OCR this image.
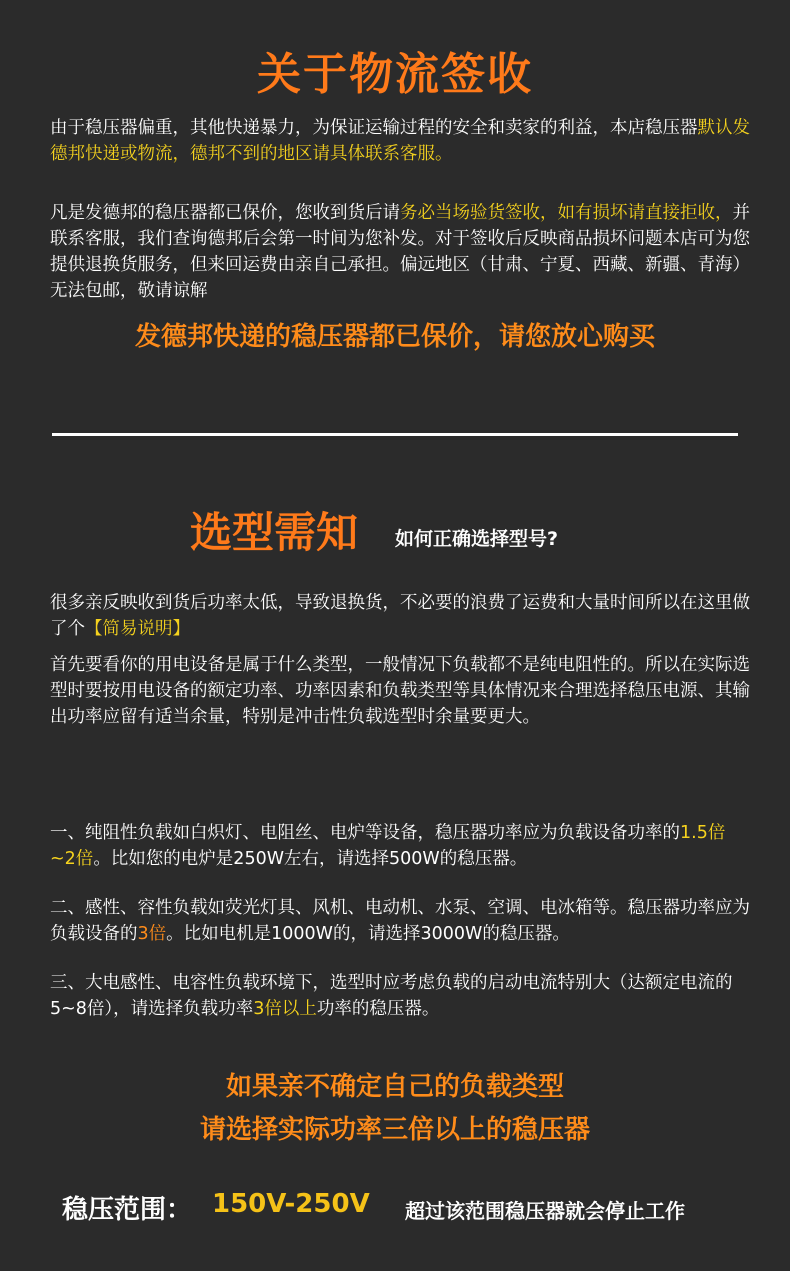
关于物流签收
由于稳压器偏重，其他快递暴力，为保证运输过程的安全和卖家的利益，本店稳压器默认发德邦快递或物流，德邦不到的地区请具体联系客服。
凡是发德邦的稳压器都已保价，您收到货后请务必当场验货签收，如有损坏请直接拒收，并联系客服，我们查询德邦后会第一时间为您补发。对于签收后反映商品损坏问题本店可为您提供退换货服务，但来回运费由亲自己承担。偏远地区（甘肃、宁夏、西藏、新疆、青海）无法包邮，敬请谅解
发德邦快递的稳压器都已保价，请您放心购买
选型需知 如何正确选择型号?
很多亲反映收到货后功率太低，导致退换货，不必要的浪费了运费和大量时间所以在这里做了个【简易说明】
首先要看你的用电设备是属于什么类型，一般情况下负载都不是纯电阻性的。所以在实际选型时要按用电设备的额定功率、功率因素和负载类型等具体情况来合理选择稳压电源、其输出功率应留有适当余量，特别是冲击性负载选型时余量要更大。
一、纯阻性负载如白炽灯、电阻丝、电炉等设备，稳压器功率应为负载设备功率的1.5倍~2倍。比如您的电炉是250W左右，请选择500W的稳压器。
二、感性、容性负载如荧光灯具、风机、电动机、水泵、空调、电冰箱等。稳压器功率应为负载设备的3倍。比如电机是1000W的，请选择3000W的稳压器。
三、大电感性、电容性负载环境下，选型时应考虑负载的启动电流特别大（达额定电流的5~8倍），请选择负载功率3倍以上功率的稳压器。
如果亲不确定自己的负载类型
请选择实际功率三倍以上的稳压器
稳压范围： 150V-250V 超过该范围稳压器就会停止工作
